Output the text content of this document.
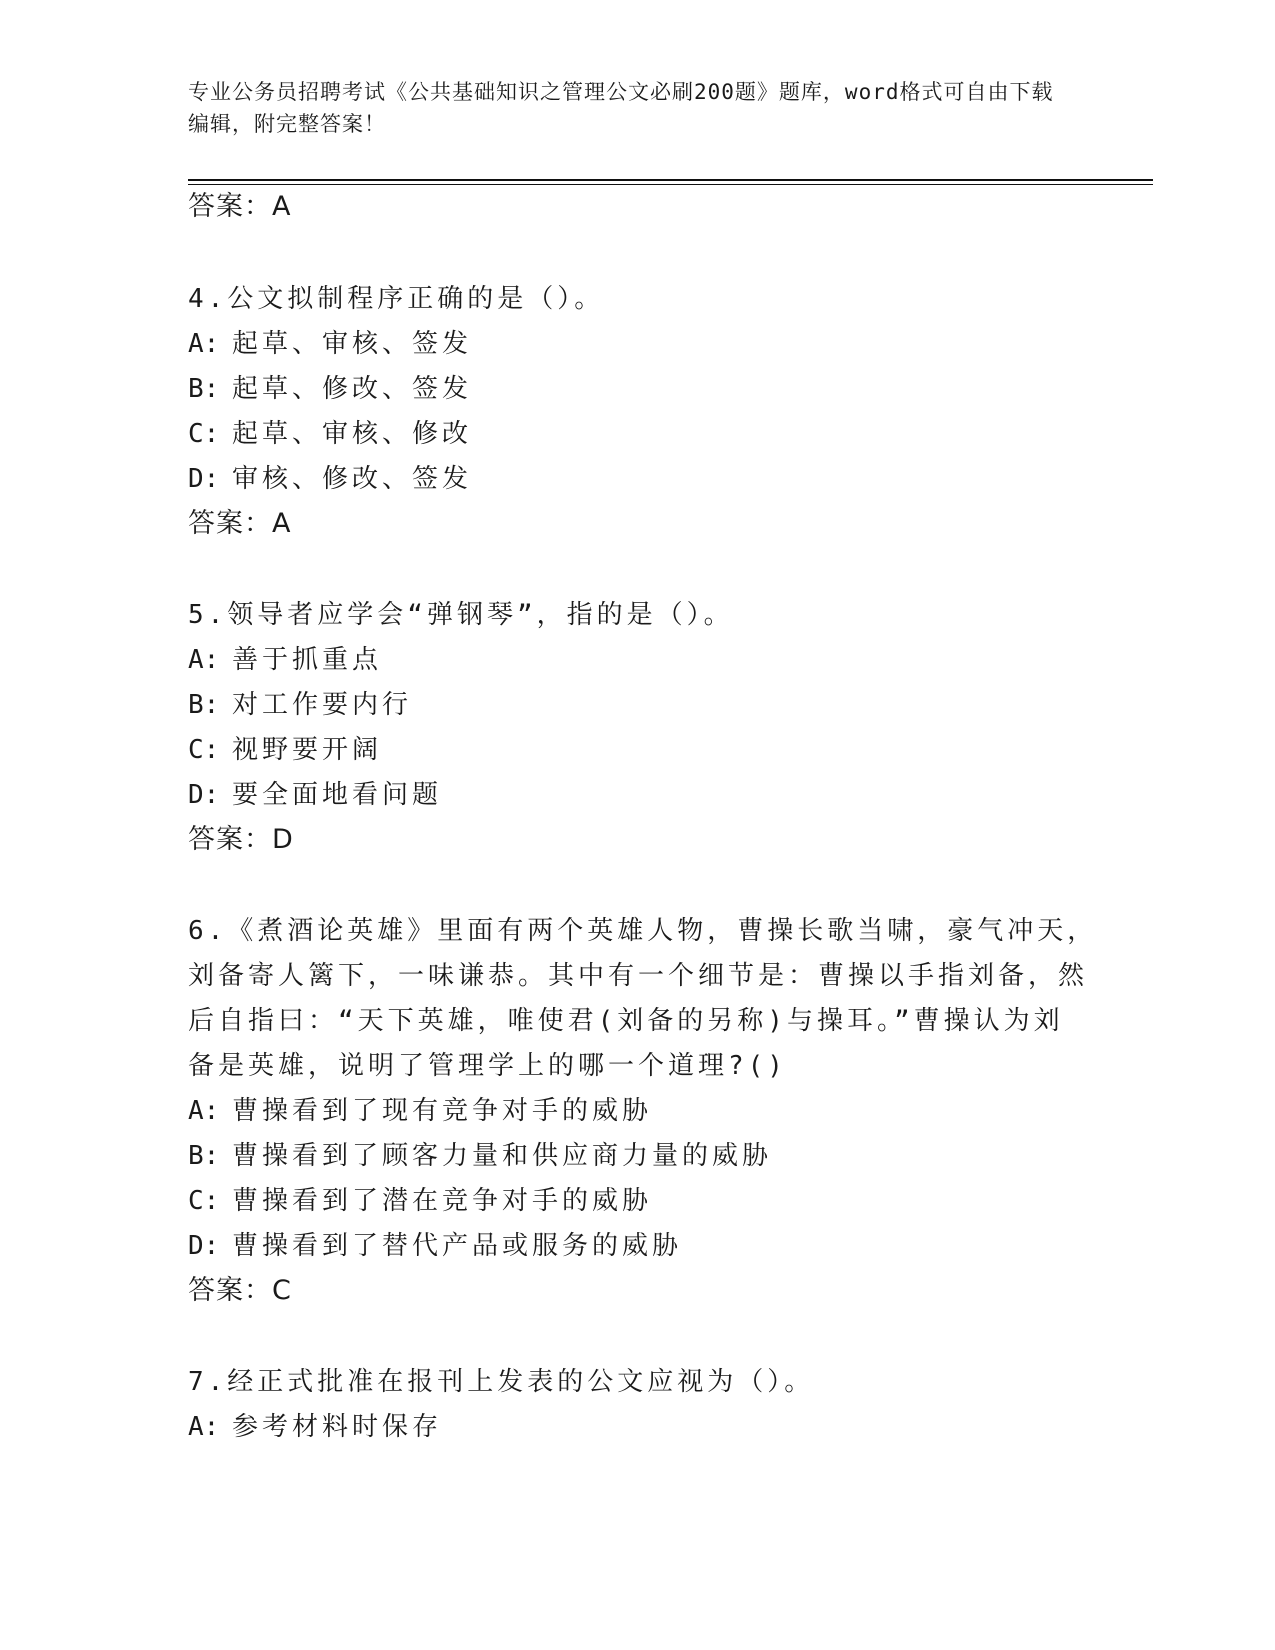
专业公务员招聘考试《公共基础知识之管理公文必刷200题》题库，word格式可自由下载编辑，附完整答案！

答案：A

4.公文拟制程序正确的是（）。

A: 起草、审核、签发

B: 起草、修改、签发

C: 起草、审核、修改

D: 审核、修改、签发

答案：A

5.领导者应学会“弹钢琴”，指的是（）。

A: 善于抓重点

B: 对工作要内行

C: 视野要开阔

D: 要全面地看问题

答案：D

6.《煮酒论英雄》里面有两个英雄人物，曹操长歌当啸，豪气冲天，

刘备寄人篱下，一味谦恭。其中有一个细节是：曹操以手指刘备，然

后自指曰：“天下英雄，唯使君(刘备的另称)与操耳。”曹操认为刘

备是英雄，说明了管理学上的哪一个道理?()

A: 曹操看到了现有竞争对手的威胁

B: 曹操看到了顾客力量和供应商力量的威胁

C: 曹操看到了潜在竞争对手的威胁

D: 曹操看到了替代产品或服务的威胁

答案：C

7.经正式批准在报刊上发表的公文应视为（）。

A: 参考材料时保存
